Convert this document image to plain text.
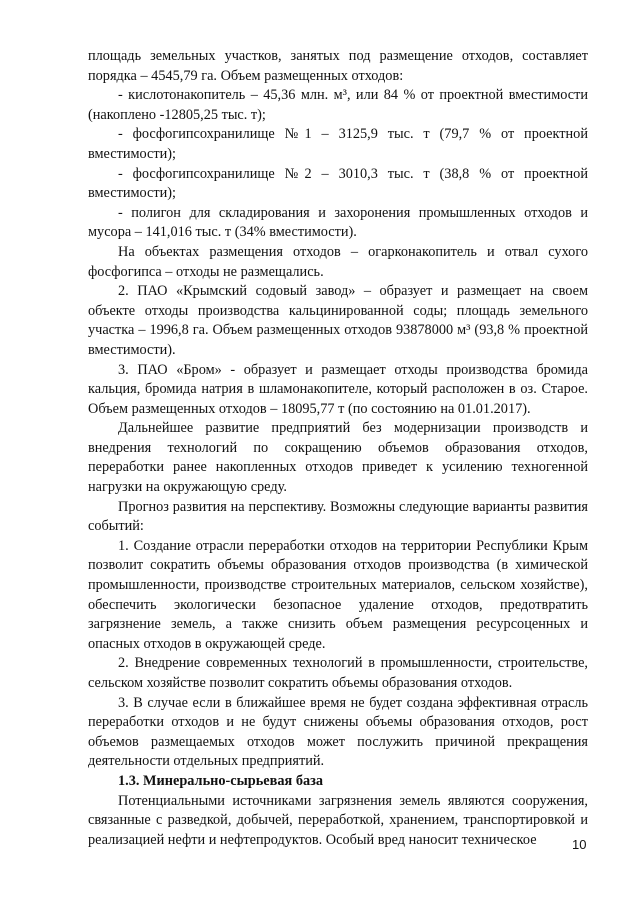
площадь земельных участков, занятых под размещение отходов, составляет порядка – 4545,79 га. Объем размещенных отходов:

- кислотонакопитель – 45,36 млн. м³, или 84 % от проектной вместимости (накоплено -12805,25 тыс. т);

- фосфогипсохранилище №1 – 3125,9 тыс. т (79,7 % от проектной вместимости);

- фосфогипсохранилище №2 – 3010,3 тыс. т (38,8 % от проектной вместимости);

- полигон для складирования и захоронения промышленных отходов и мусора – 141,016 тыс. т (34% вместимости).

На объектах размещения отходов – огарконакопитель и отвал сухого фосфогипса – отходы не размещались.

2. ПАО «Крымский содовый завод» – образует и размещает на своем объекте отходы производства кальцинированной соды; площадь земельного участка – 1996,8 га. Объем размещенных отходов 93878000 м³ (93,8 % проектной вместимости).

3. ПАО «Бром» - образует и размещает отходы производства бромида кальция, бромида натрия в шламонакопителе, который расположен в оз. Старое. Объем размещенных отходов – 18095,77 т (по состоянию на 01.01.2017).

Дальнейшее развитие предприятий без модернизации производств и внедрения технологий по сокращению объемов образования отходов, переработки ранее накопленных отходов приведет к усилению техногенной нагрузки на окружающую среду.

Прогноз развития на перспективу. Возможны следующие варианты развития событий:

1. Создание отрасли переработки отходов на территории Республики Крым позволит сократить объемы образования отходов производства (в химической промышленности, производстве строительных материалов, сельском хозяйстве), обеспечить экологически безопасное удаление отходов, предотвратить загрязнение земель, а также снизить объем размещения ресурсоценных и опасных отходов в окружающей среде.

2. Внедрение современных технологий в промышленности, строительстве, сельском хозяйстве позволит сократить объемы образования отходов.

3. В случае если в ближайшее время не будет создана эффективная отрасль переработки отходов и не будут снижены объемы образования отходов, рост объемов размещаемых отходов может послужить причиной прекращения деятельности отдельных предприятий.

1.3. Минерально-сырьевая база

Потенциальными источниками загрязнения земель являются сооружения, связанные с разведкой, добычей, переработкой, хранением, транспортировкой и реализацией нефти и нефтепродуктов. Особый вред наносит техническое	10
